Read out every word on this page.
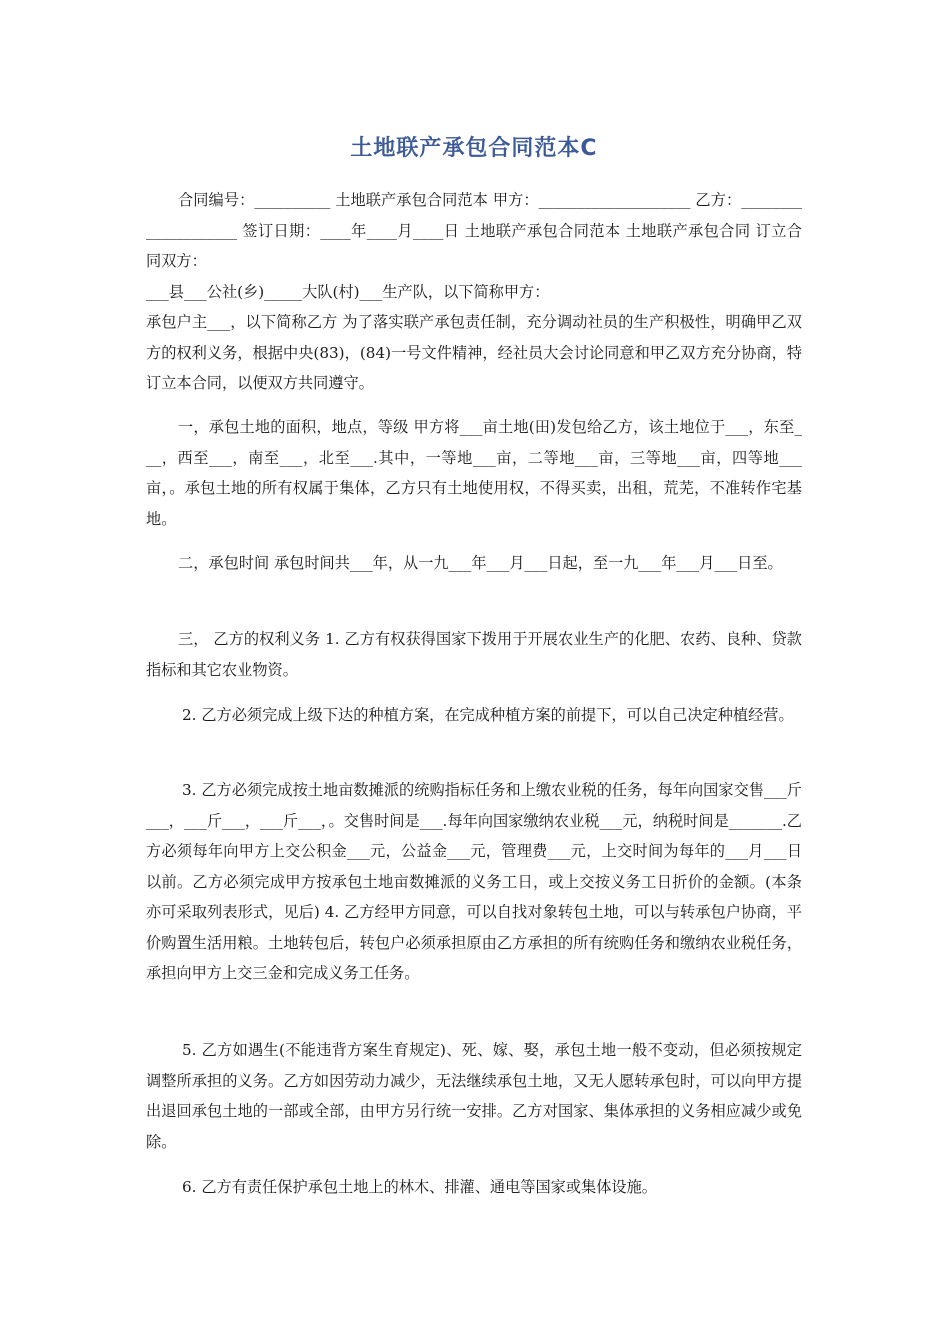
土地联产承包合同范本C

合同编号：__________ 土地联产承包合同范本 甲方：____________________ 乙方：____________________ 签订日期：____年____月____日 土地联产承包合同范本 土地联产承包合同 订立合同双方：

___县___公社(乡)_____大队(村)___生产队，以下简称甲方：

承包户主___，以下简称乙方 为了落实联产承包责任制，充分调动社员的生产积极性，明确甲乙双方的权利义务，根据中央(83)，(84)一号文件精神，经社员大会讨论同意和甲乙双方充分协商，特订立本合同，以便双方共同遵守。

一，承包土地的面积，地点，等级 甲方将___亩土地(田)发包给乙方，该土地位于___，东至___，西至___，南至___，北至___.其中，一等地___亩，二等地___亩，三等地___亩，四等地___亩，。承包土地的所有权属于集体，乙方只有土地使用权，不得买卖，出租，荒芜，不准转作宅基地。

二，承包时间 承包时间共___年，从一九___年___月___日起，至一九___年___月___日至。

三， 乙方的权利义务 1. 乙方有权获得国家下拨用于开展农业生产的化肥、农药、良种、贷款指标和其它农业物资。

2. 乙方必须完成上级下达的种植方案，在完成种植方案的前提下，可以自己决定种植经营。

3. 乙方必须完成按土地亩数摊派的统购指标任务和上缴农业税的任务，每年向国家交售___斤___，___斤___，___斤___，。交售时间是___.每年向国家缴纳农业税___元，纳税时间是_______.乙方必须每年向甲方上交公积金___元，公益金___元，管理费___元，上交时间为每年的___月___日以前。乙方必须完成甲方按承包土地亩数摊派的义务工日，或上交按义务工日折价的金额。(本条亦可采取列表形式，见后) 4. 乙方经甲方同意，可以自找对象转包土地，可以与转承包户协商，平价购置生活用粮。土地转包后，转包户必须承担原由乙方承担的所有统购任务和缴纳农业税任务，承担向甲方上交三金和完成义务工任务。

5. 乙方如遇生(不能违背方案生育规定)、死、嫁、娶，承包土地一般不变动，但必须按规定调整所承担的义务。乙方如因劳动力减少，无法继续承包土地，又无人愿转承包时，可以向甲方提出退回承包土地的一部或全部，由甲方另行统一安排。乙方对国家、集体承担的义务相应减少或免除。

6. 乙方有责任保护承包土地上的林木、排灌、通电等国家或集体设施。
